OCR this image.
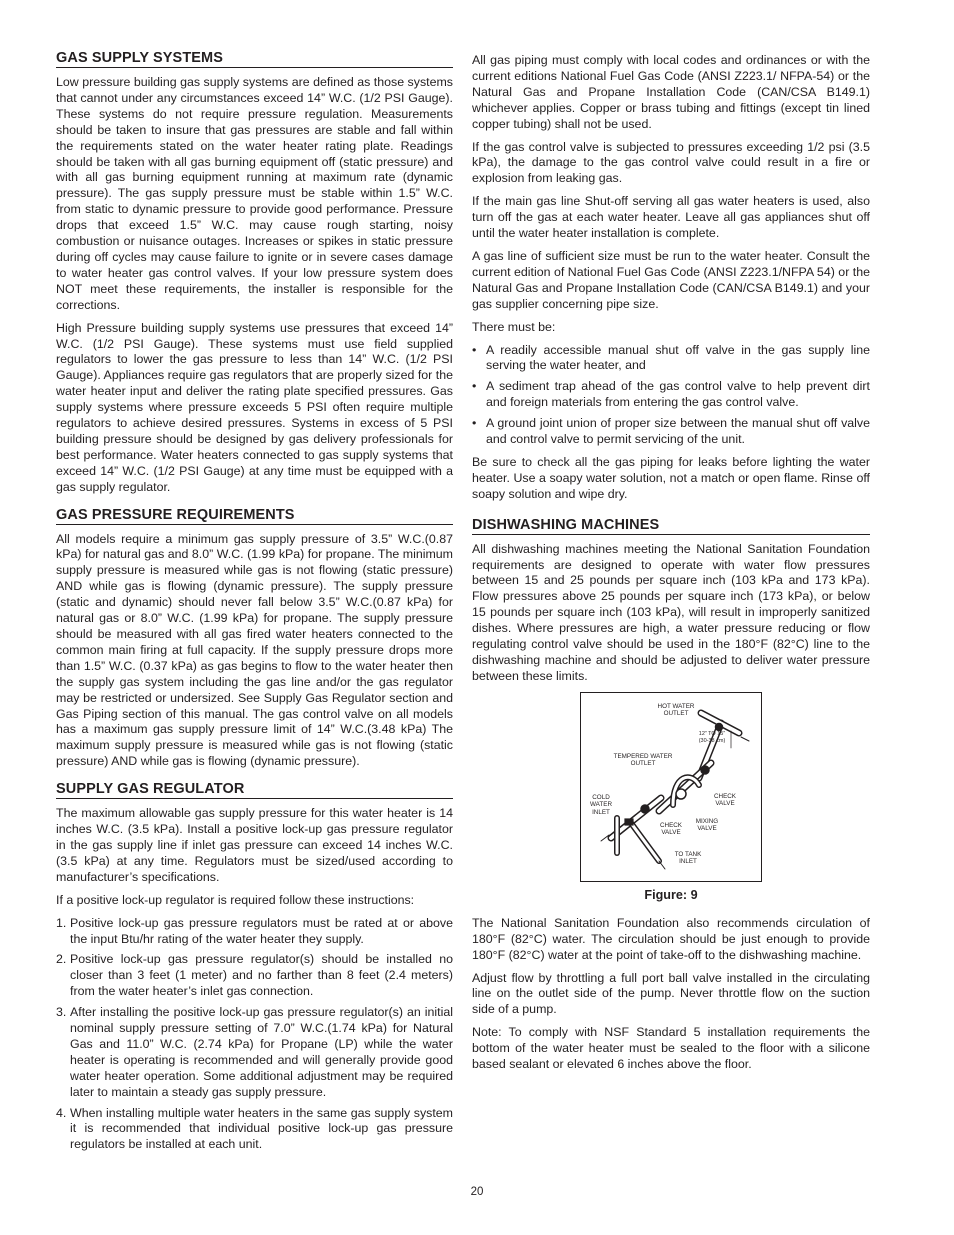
GAS SUPPLY SYSTEMS

Low pressure building gas supply systems are defined as those systems that cannot under any circumstances exceed 14” W.C. (1/2 PSI Gauge). These systems do not require pressure regulation. Measurements should be taken to insure that gas pressures are stable and fall within the requirements stated on the water heater rating plate. Readings should be taken with all gas burning equipment off (static pressure) and with all gas burning equipment running at maximum rate (dynamic pressure). The gas supply pressure must be stable within 1.5” W.C. from static to dynamic pressure to provide good performance. Pressure drops that exceed 1.5” W.C. may cause rough starting, noisy combustion or nuisance outages. Increases or spikes in static pressure during off cycles may cause failure to ignite or in severe cases damage to water heater gas control valves. If your low pressure system does NOT meet these requirements, the installer is responsible for the corrections.

High Pressure building supply systems use pressures that exceed 14” W.C. (1/2 PSI Gauge). These systems must use field supplied regulators to lower the gas pressure to less than 14” W.C. (1/2 PSI Gauge). Appliances require gas regulators that are properly sized for the water heater input and deliver the rating plate specified pressures. Gas supply systems where pressure exceeds 5 PSI often require multiple regulators to achieve desired pressures. Systems in excess of 5 PSI building pressure should be designed by gas delivery professionals for best performance. Water heaters connected to gas supply systems that exceed 14” W.C. (1/2 PSI Gauge) at any time must be equipped with a gas supply regulator.

GAS PRESSURE REQUIREMENTS

All models require a minimum gas supply pressure of 3.5” W.C.(0.87 kPa) for natural gas and 8.0” W.C. (1.99 kPa) for propane. The minimum supply pressure is measured while gas is not flowing (static pressure) AND while gas is flowing (dynamic pressure). The supply pressure (static and dynamic) should never fall below 3.5” W.C.(0.87 kPa) for natural gas or 8.0” W.C. (1.99 kPa) for propane. The supply pressure should be measured with all gas fired water heaters connected to the common main firing at full capacity. If the supply pressure drops more than 1.5” W.C. (0.37 kPa) as gas begins to flow to the water heater then the supply gas system including the gas line and/or the gas regulator may be restricted or undersized. See Supply Gas Regulator section and Gas Piping section of this manual. The gas control valve on all models has a maximum gas supply pressure limit of 14” W.C.(3.48 kPa) The maximum supply pressure is measured while gas is not flowing (static pressure) AND while gas is flowing (dynamic pressure).

SUPPLY GAS REGULATOR

The maximum allowable gas supply pressure for this water heater is 14 inches W.C. (3.5 kPa). Install a positive lock-up gas pressure regulator in the gas supply line if inlet gas pressure can exceed 14 inches W.C. (3.5 kPa) at any time. Regulators must be sized/used according to manufacturer’s specifications.

If a positive lock-up regulator is required follow these instructions:

1. Positive lock-up gas pressure regulators must be rated at or above the input Btu/hr rating of the water heater they supply.
2. Positive lock-up gas pressure regulator(s) should be installed no closer than 3 feet (1 meter) and no farther than 8 feet (2.4 meters) from the water heater’s inlet gas connection.
3. After installing the positive lock-up gas pressure regulator(s) an initial nominal supply pressure setting of 7.0” W.C.(1.74 kPa) for Natural Gas and 11.0” W.C. (2.74 kPa) for Propane (LP) while the water heater is operating is recommended and will generally provide good water heater operation. Some additional adjustment may be required later to maintain a steady gas supply pressure.
4. When installing multiple water heaters in the same gas supply system it is recommended that individual positive lock-up gas pressure regulators be installed at each unit.

All gas piping must comply with local codes and ordinances or with the current editions National Fuel Gas Code (ANSI Z223.1/ NFPA-54) or the Natural Gas and Propane Installation Code (CAN/CSA B149.1) whichever applies. Copper or brass tubing and fittings (except tin lined copper tubing) shall not be used.

If the gas control valve is subjected to pressures exceeding 1/2 psi (3.5 kPa), the damage to the gas control valve could result in a fire or explosion from leaking gas.

If the main gas line Shut-off serving all gas water heaters is used, also turn off the gas at each water heater. Leave all gas appliances shut off until the water heater installation is complete.

A gas line of sufficient size must be run to the water heater. Consult the current edition of National Fuel Gas Code (ANSI Z223.1/NFPA 54) or the Natural Gas and Propane Installation Code (CAN/CSA B149.1) and your gas supplier concerning pipe size.

There must be:

• A readily accessible manual shut off valve in the gas supply line serving the water heater, and
• A sediment trap ahead of the gas control valve to help prevent dirt and foreign materials from entering the gas control valve.
• A ground joint union of proper size between the manual shut off valve and control valve to permit servicing of the unit.

Be sure to check all the gas piping for leaks before lighting the water heater. Use a soapy water solution, not a match or open flame. Rinse off soapy solution and wipe dry.

DISHWASHING MACHINES

All dishwashing machines meeting the National Sanitation Foundation requirements are designed to operate with water flow pressures between 15 and 25 pounds per square inch (103 kPa and 173 kPa). Flow pressures above 25 pounds per square inch (173 kPa), or below 15 pounds per square inch (103 kPa), will result in improperly sanitized dishes. Where pressures are high, a water pressure reducing or flow regulating control valve should be used in the 180°F (82°C) line to the dishwashing machine and should be adjusted to deliver water pressure between these limits.

HOT WATER
OUTLET
12” TO 15”
(30-38 cm)
TEMPERED WATER
OUTLET
COLD
WATER
INLET
CHECK
VALVE
CHECK
VALVE
MIXING
VALVE
TO TANK
INLET
Figure: 9

The National Sanitation Foundation also recommends circulation of 180°F (82°C) water. The circulation should be just enough to provide 180°F (82°C) water at the point of take-off to the dishwashing machine.

Adjust flow by throttling a full port ball valve installed in the circulating line on the outlet side of the pump. Never throttle flow on the suction side of a pump.

Note: To comply with NSF Standard 5 installation requirements the bottom of the water heater must be sealed to the floor with a silicone based sealant or elevated 6 inches above the floor.

20
